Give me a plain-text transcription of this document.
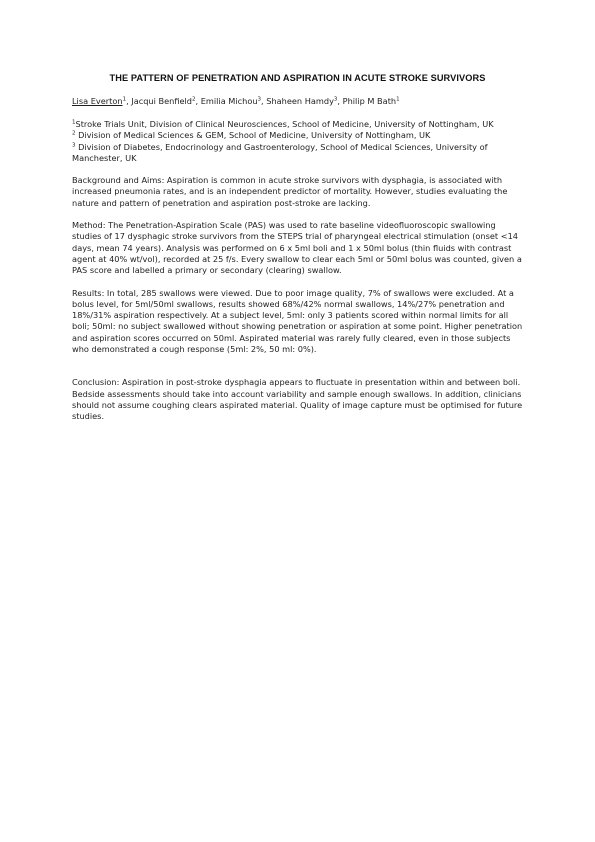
THE PATTERN OF PENETRATION AND ASPIRATION IN ACUTE STROKE SURVIVORS
Lisa Everton$^1$, Jacqui Benfield$^2$, Emilia Michou$^3$, Shaheen Hamdy$^3$, Philip M Bath$^1$

$^1$Stroke Trials Unit, Division of Clinical Neurosciences, School of Medicine, University of Nottingham, UK

$^2$ Division of Medical Sciences & GEM, School of Medicine, University of Nottingham, UK

$^3$ Division of Diabetes, Endocrinology and Gastroenterology, School of Medical Sciences, University of Manchester, UK

Background and Aims: Aspiration is common in acute stroke survivors with dysphagia, is associated with increased pneumonia rates, and is an independent predictor of mortality. However, studies evaluating the nature and pattern of penetration and aspiration post-stroke are lacking.

Method: The Penetration-Aspiration Scale (PAS) was used to rate baseline videofluoroscopic swallowing studies of 17 dysphagic stroke survivors from the STEPS trial of pharyngeal electrical stimulation (onset <14 days, mean 74 years). Analysis was performed on 6 x 5ml boli and 1 x 50ml bolus (thin fluids with contrast agent at 40% wt/vol), recorded at 25 f/s. Every swallow to clear each 5ml or 50ml bolus was counted, given a PAS score and labelled a primary or secondary (clearing) swallow.

Results: In total, 285 swallows were viewed. Due to poor image quality, 7% of swallows were excluded. At a bolus level, for 5ml/50ml swallows, results showed 68%/42% normal swallows, 14%/27% penetration and 18%/31% aspiration respectively. At a subject level, 5ml: only 3 patients scored within normal limits for all boli; 50ml: no subject swallowed without showing penetration or aspiration at some point. Higher penetration and aspiration scores occurred on 50ml. Aspirated material was rarely fully cleared, even in those subjects who demonstrated a cough response (5ml: 2%, 50 ml: 0%).

Conclusion: Aspiration in post-stroke dysphagia appears to fluctuate in presentation within and between boli. Bedside assessments should take into account variability and sample enough swallows. In addition, clinicians should not assume coughing clears aspirated material. Quality of image capture must be optimised for future studies.
